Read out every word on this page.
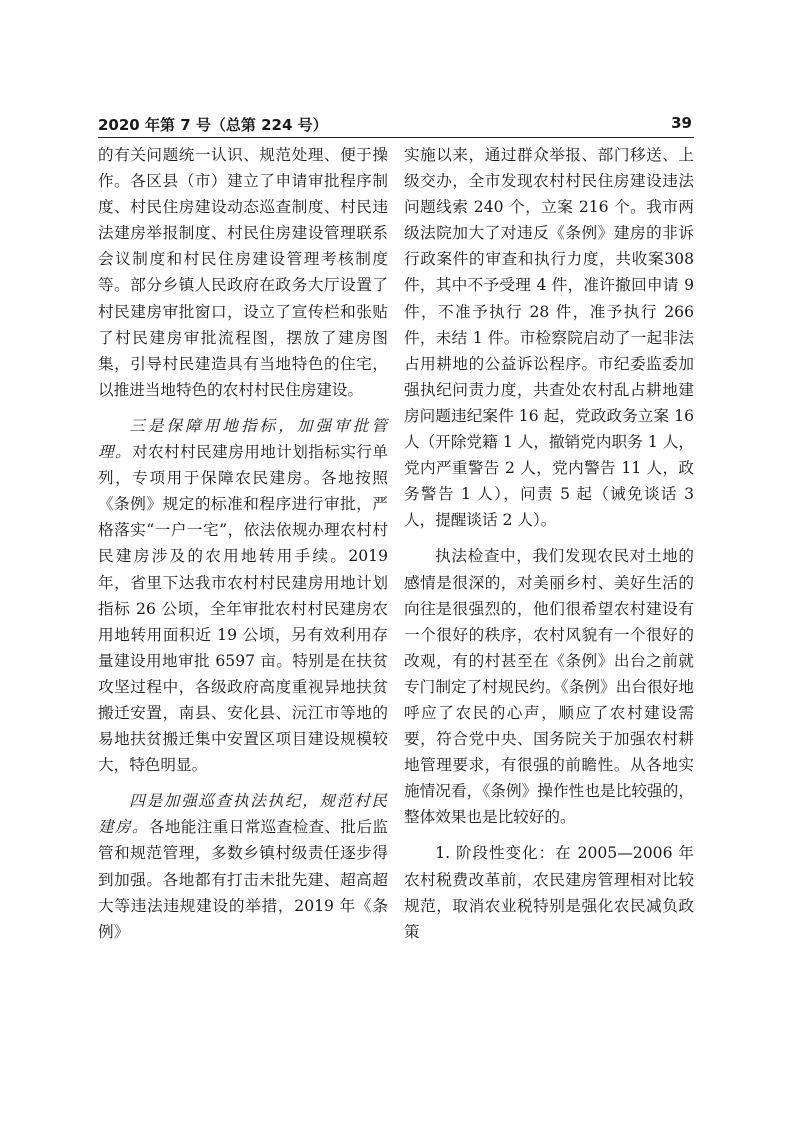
2020 年第 7 号（总第 224 号）	39

的有关问题统一认识、规范处理、便于操作。各区县（市）建立了申请审批程序制度、村民住房建设动态巡查制度、村民违法建房举报制度、村民住房建设管理联系会议制度和村民住房建设管理考核制度等。部分乡镇人民政府在政务大厅设置了村民建房审批窗口，设立了宣传栏和张贴了村民建房审批流程图，摆放了建房图集，引导村民建造具有当地特色的住宅，以推进当地特色的农村村民住房建设。

三是保障用地指标，加强审批管理。对农村村民建房用地计划指标实行单列，专项用于保障农民建房。各地按照《条例》规定的标准和程序进行审批，严格落实“一户一宅”，依法依规办理农村村民建房涉及的农用地转用手续。2019 年，省里下达我市农村村民建房用地计划指标 26 公顷，全年审批农村村民建房农用地转用面积近 19 公顷，另有效利用存量建设用地审批 6597 亩。特别是在扶贫攻坚过程中，各级政府高度重视异地扶贫搬迁安置，南县、安化县、沅江市等地的易地扶贫搬迁集中安置区项目建设规模较大，特色明显。

四是加强巡查执法执纪，规范村民建房。各地能注重日常巡查检查、批后监管和规范管理，多数乡镇村级责任逐步得到加强。各地都有打击未批先建、超高超大等违法违规建设的举措，2019 年《条例》

实施以来，通过群众举报、部门移送、上级交办，全市发现农村村民住房建设违法问题线索 240 个，立案 216 个。我市两级法院加大了对违反《条例》建房的非诉行政案件的审查和执行力度，共收案308件，其中不予受理 4 件，准许撤回申请 9 件，不准予执行 28 件，准予执行 266 件，未结 1 件。市检察院启动了一起非法占用耕地的公益诉讼程序。市纪委监委加强执纪问责力度，共查处农村乱占耕地建房问题违纪案件 16 起，党政政务立案 16 人（开除党籍 1 人，撤销党内职务 1 人，党内严重警告 2 人，党内警告 11 人，政务警告 1 人），问责 5 起（诫免谈话 3 人，提醒谈话 2 人）。

执法检查中，我们发现农民对土地的感情是很深的，对美丽乡村、美好生活的向往是很强烈的，他们很希望农村建设有一个很好的秩序，农村风貌有一个很好的改观，有的村甚至在《条例》出台之前就专门制定了村规民约。《条例》出台很好地呼应了农民的心声，顺应了农村建设需要，符合党中央、国务院关于加强农村耕地管理要求，有很强的前瞻性。从各地实施情况看，《条例》操作性也是比较强的，整体效果也是比较好的。

1. 阶段性变化：在 2005—2006 年农村税费改革前，农民建房管理相对比较规范，取消农业税特别是强化农民减负政策
